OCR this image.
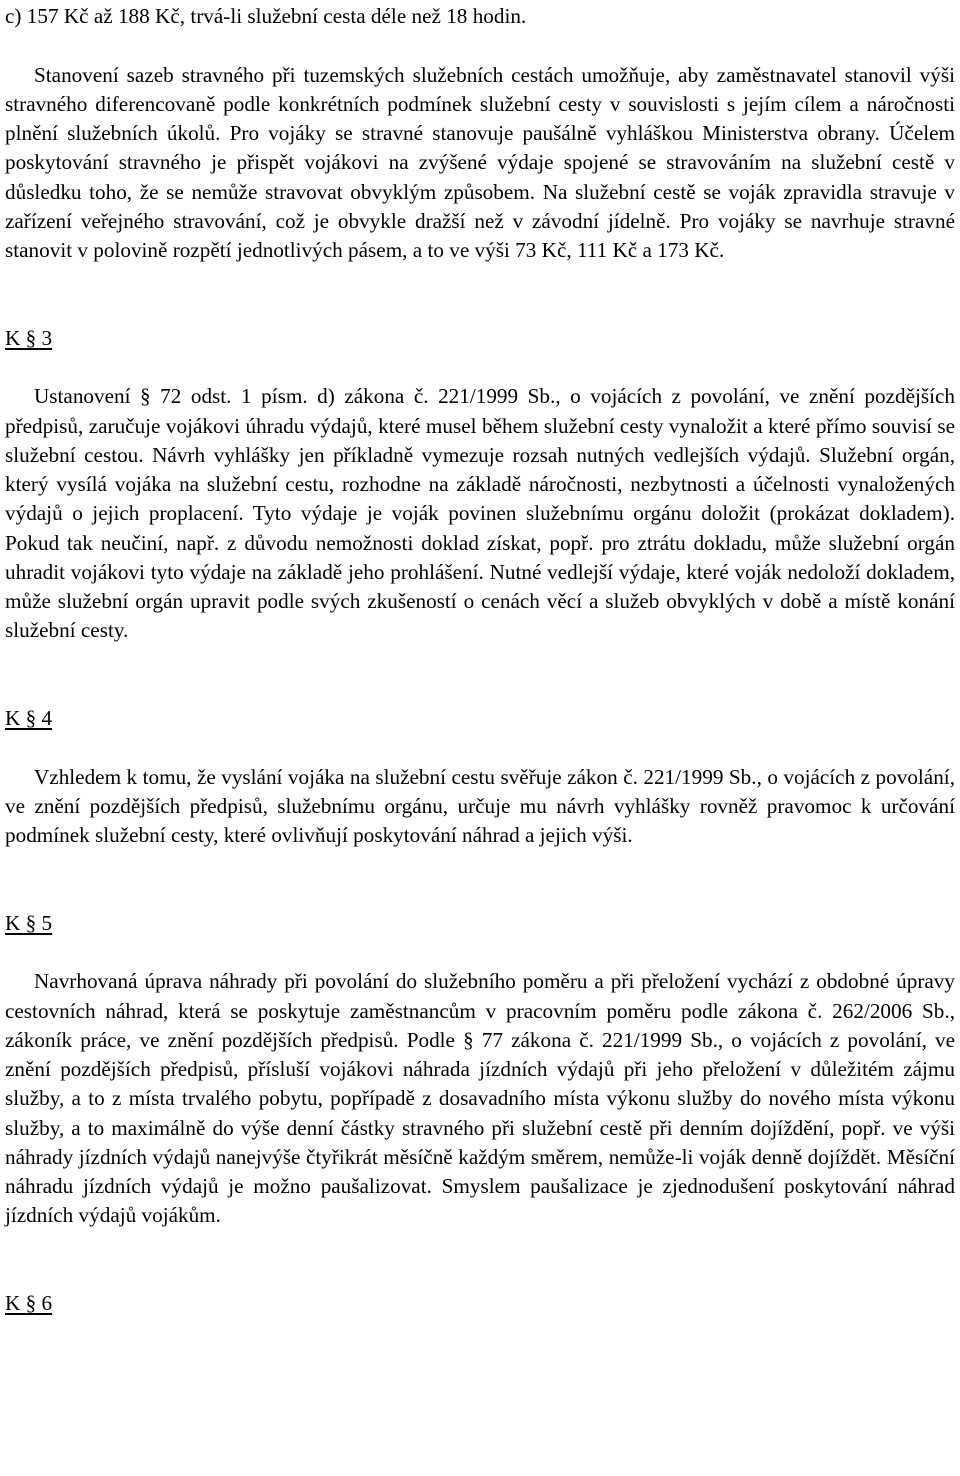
c) 157 Kč až 188 Kč, trvá-li služební cesta déle než 18 hodin.

Stanovení sazeb stravného při tuzemských služebních cestách umožňuje, aby zaměstnavatel stanovil výši stravného diferencovaně podle konkrétních podmínek služební cesty v souvislosti s jejím cílem a náročnosti plnění služebních úkolů. Pro vojáky se stravné stanovuje paušálně vyhláškou Ministerstva obrany. Účelem poskytování stravného je přispět vojákovi na zvýšené výdaje spojené se stravováním na služební cestě v důsledku toho, že se nemůže stravovat obvyklým způsobem. Na služební cestě se voják zpravidla stravuje v zařízení veřejného stravování, což je obvykle dražší než v závodní jídelně. Pro vojáky se navrhuje stravné stanovit v polovině rozpětí jednotlivých pásem, a to ve výši 73 Kč, 111 Kč a 173 Kč.

K § 3

Ustanovení § 72 odst. 1 písm. d) zákona č. 221/1999 Sb., o vojácích z povolání, ve znění pozdějších předpisů, zaručuje vojákovi úhradu výdajů, které musel během služební cesty vynaložit a které přímo souvisí se služební cestou. Návrh vyhlášky jen příkladně vymezuje rozsah nutných vedlejších výdajů. Služební orgán, který vysílá vojáka na služební cestu, rozhodne na základě náročnosti, nezbytnosti a účelnosti vynaložených výdajů o jejich proplacení. Tyto výdaje je voják povinen služebnímu orgánu doložit (prokázat dokladem). Pokud tak neučiní, např. z důvodu nemožnosti doklad získat, popř. pro ztrátu dokladu, může služební orgán uhradit vojákovi tyto výdaje na základě jeho prohlášení. Nutné vedlejší výdaje, které voják nedoloží dokladem, může služební orgán upravit podle svých zkušeností o cenách věcí a služeb obvyklých v době a místě konání služební cesty.

K § 4

Vzhledem k tomu, že vyslání vojáka na služební cestu svěřuje zákon č. 221/1999 Sb., o vojácích z povolání, ve znění pozdějších předpisů, služebnímu orgánu, určuje mu návrh vyhlášky rovněž pravomoc k určování podmínek služební cesty, které ovlivňují poskytování náhrad a jejich výši.

K § 5

Navrhovaná úprava náhrady při povolání do služebního poměru a při přeložení vychází z obdobné úpravy cestovních náhrad, která se poskytuje zaměstnancům v pracovním poměru podle zákona č. 262/2006 Sb., zákoník práce, ve znění pozdějších předpisů. Podle § 77 zákona č. 221/1999 Sb., o vojácích z povolání, ve znění pozdějších předpisů, přísluší vojákovi náhrada jízdních výdajů při jeho přeložení v důležitém zájmu služby, a to z místa trvalého pobytu, popřípadě z dosavadního místa výkonu služby do nového místa výkonu služby, a to maximálně do výše denní částky stravného při služební cestě při denním dojíždění, popř. ve výši náhrady jízdních výdajů nanejvýše čtyřikrát měsíčně každým směrem, nemůže-li voják denně dojíždět. Měsíční náhradu jízdních výdajů je možno paušalizovat. Smyslem paušalizace je zjednodušení poskytování náhrad jízdních výdajů vojákům.

K § 6
